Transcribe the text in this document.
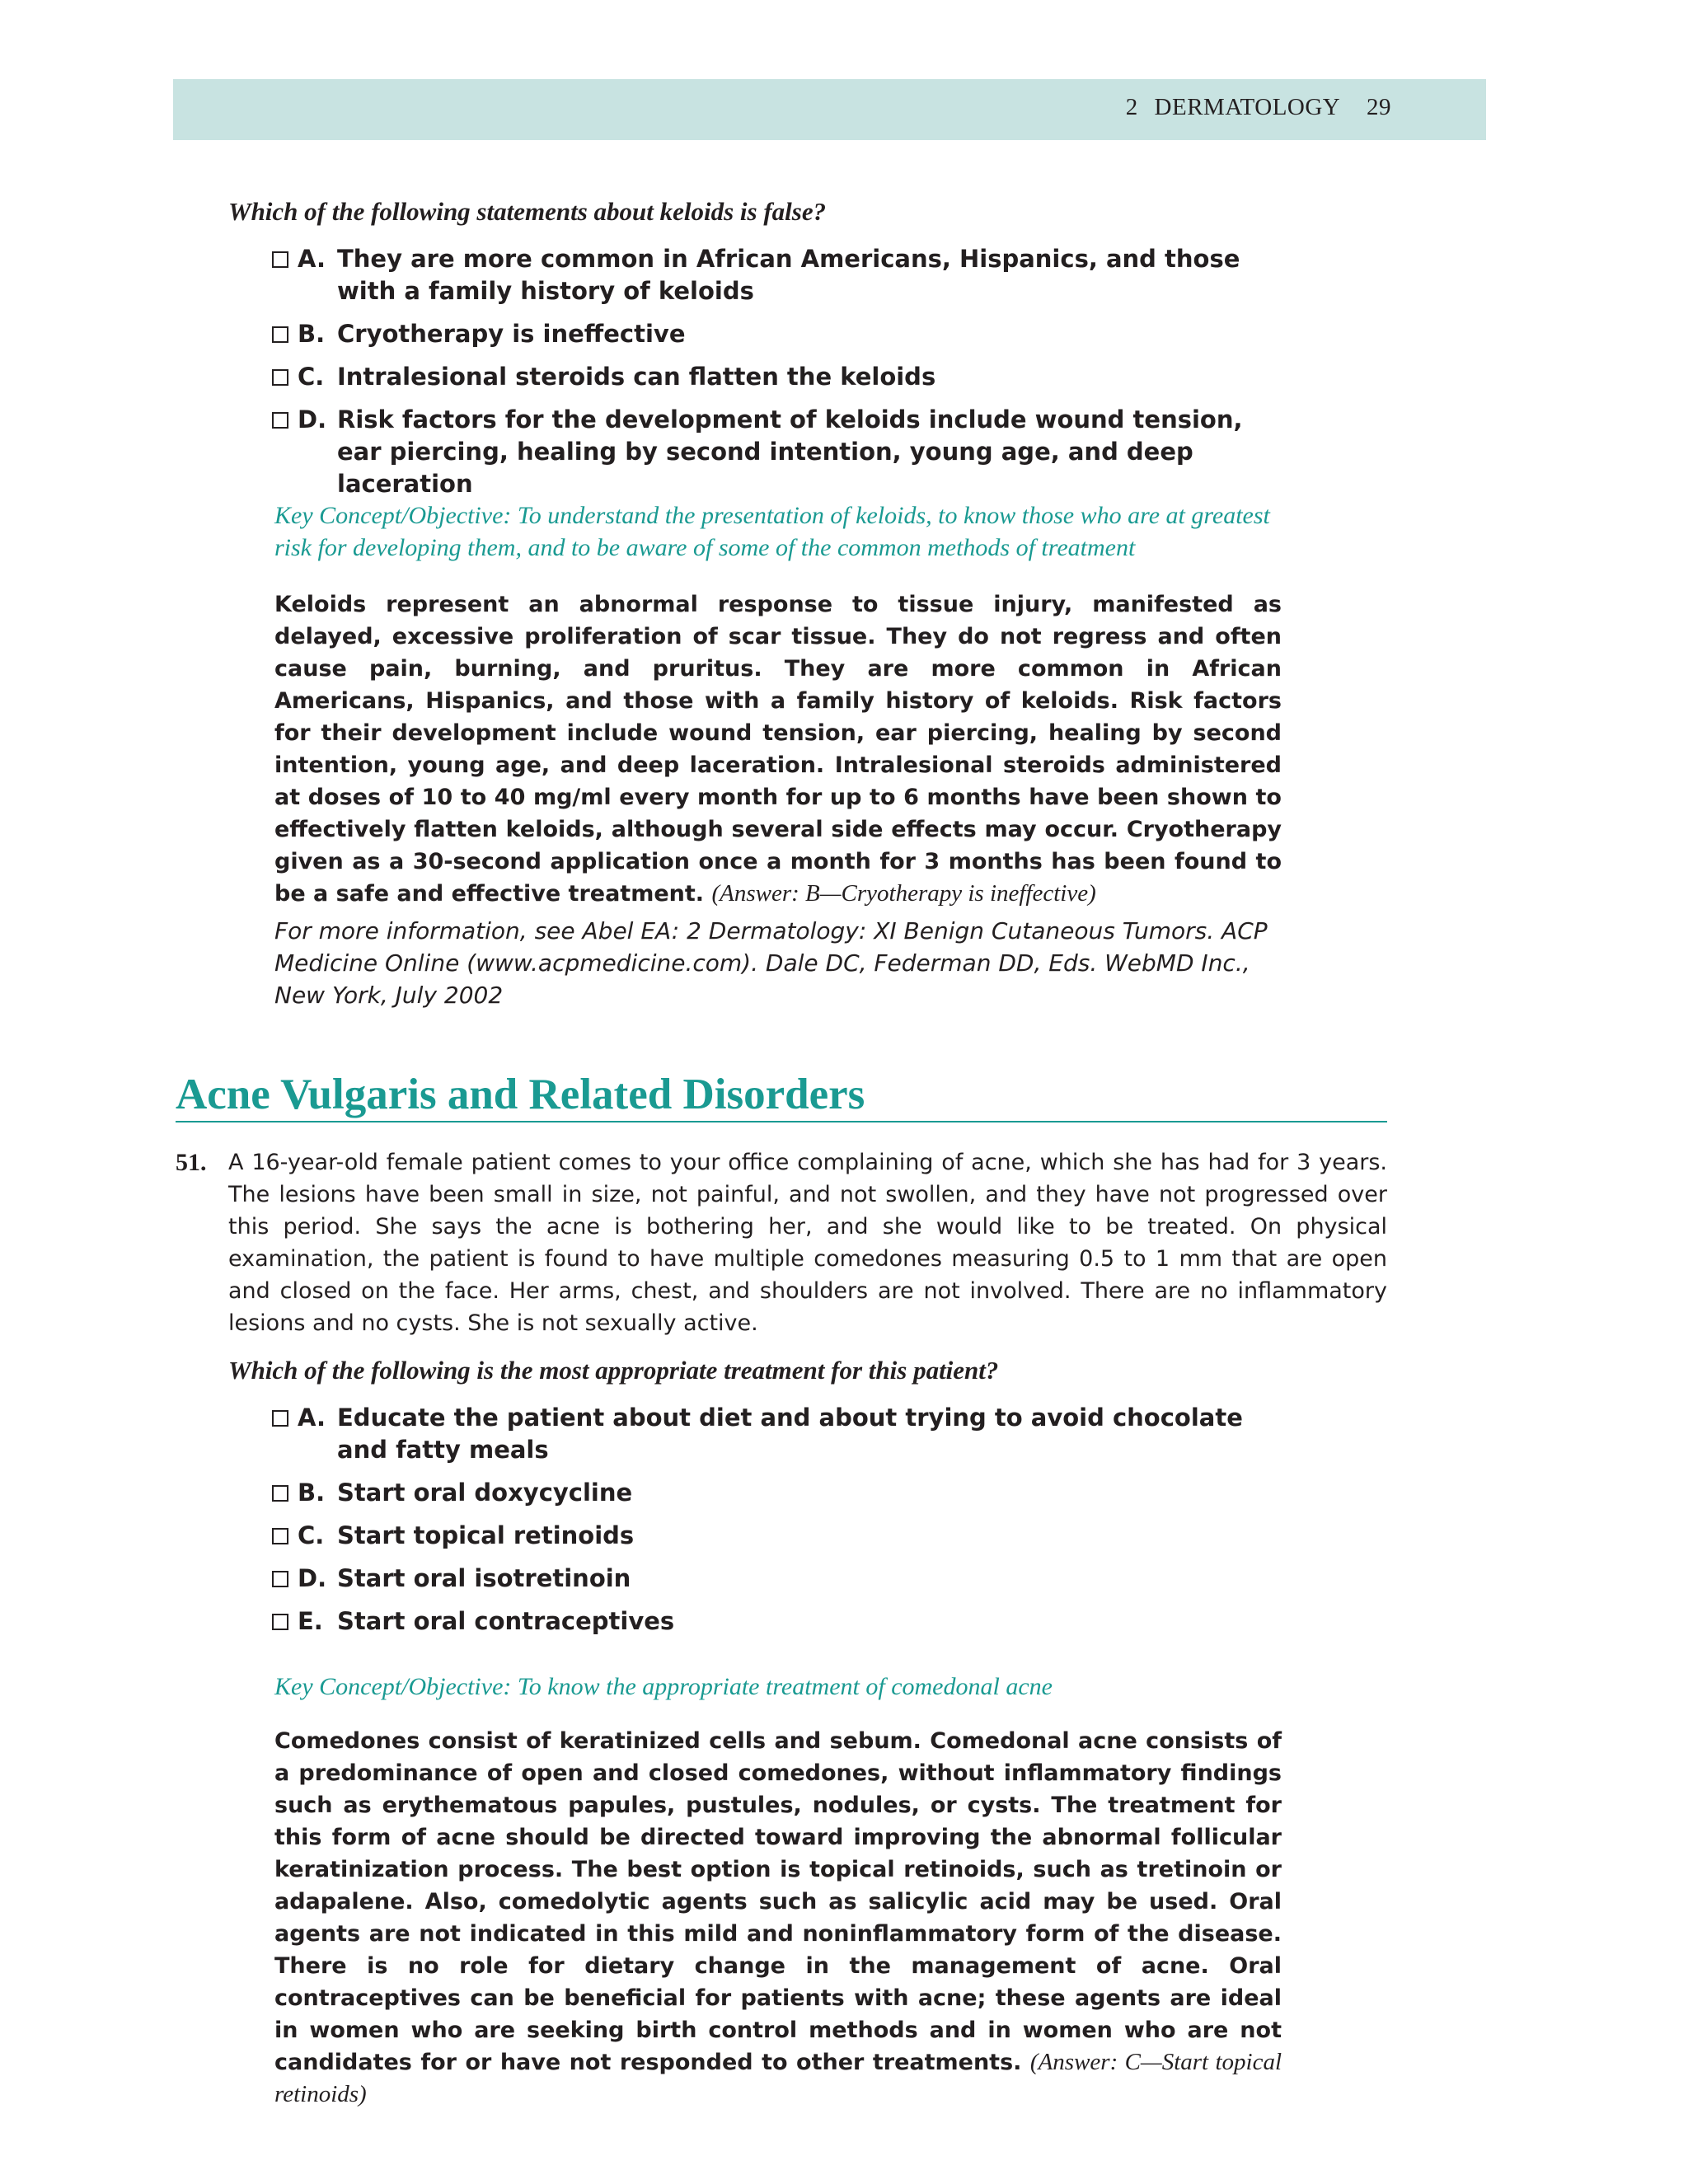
2 DERMATOLOGY 29
Which of the following statements about keloids is false?
A. They are more common in African Americans, Hispanics, and those with a family history of keloids
B. Cryotherapy is ineffective
C. Intralesional steroids can flatten the keloids
D. Risk factors for the development of keloids include wound tension, ear piercing, healing by second intention, young age, and deep laceration
Key Concept/Objective: To understand the presentation of keloids, to know those who are at greatest risk for developing them, and to be aware of some of the common methods of treatment
Keloids represent an abnormal response to tissue injury, manifested as delayed, excessive proliferation of scar tissue. They do not regress and often cause pain, burning, and pruritus. They are more common in African Americans, Hispanics, and those with a family history of keloids. Risk factors for their development include wound tension, ear piercing, healing by second intention, young age, and deep laceration. Intralesional steroids administered at doses of 10 to 40 mg/ml every month for up to 6 months have been shown to effectively flatten keloids, although several side effects may occur. Cryotherapy given as a 30-second application once a month for 3 months has been found to be a safe and effective treatment. (Answer: B—Cryotherapy is ineffective)
For more information, see Abel EA: 2 Dermatology: XI Benign Cutaneous Tumors. ACP Medicine Online (www.acpmedicine.com). Dale DC, Federman DD, Eds. WebMD Inc., New York, July 2002
Acne Vulgaris and Related Disorders
51. A 16-year-old female patient comes to your office complaining of acne, which she has had for 3 years. The lesions have been small in size, not painful, and not swollen, and they have not progressed over this period. She says the acne is bothering her, and she would like to be treated. On physical examination, the patient is found to have multiple comedones measuring 0.5 to 1 mm that are open and closed on the face. Her arms, chest, and shoulders are not involved. There are no inflammatory lesions and no cysts. She is not sexually active.
Which of the following is the most appropriate treatment for this patient?
A. Educate the patient about diet and about trying to avoid chocolate and fatty meals
B. Start oral doxycycline
C. Start topical retinoids
D. Start oral isotretinoin
E. Start oral contraceptives
Key Concept/Objective: To know the appropriate treatment of comedonal acne
Comedones consist of keratinized cells and sebum. Comedonal acne consists of a predominance of open and closed comedones, without inflammatory findings such as erythematous papules, pustules, nodules, or cysts. The treatment for this form of acne should be directed toward improving the abnormal follicular keratinization process. The best option is topical retinoids, such as tretinoin or adapalene. Also, comedolytic agents such as salicylic acid may be used. Oral agents are not indicated in this mild and noninflammatory form of the disease. There is no role for dietary change in the management of acne. Oral contraceptives can be beneficial for patients with acne; these agents are ideal in women who are seeking birth control methods and in women who are not candidates for or have not responded to other treatments. (Answer: C—Start topical retinoids)
